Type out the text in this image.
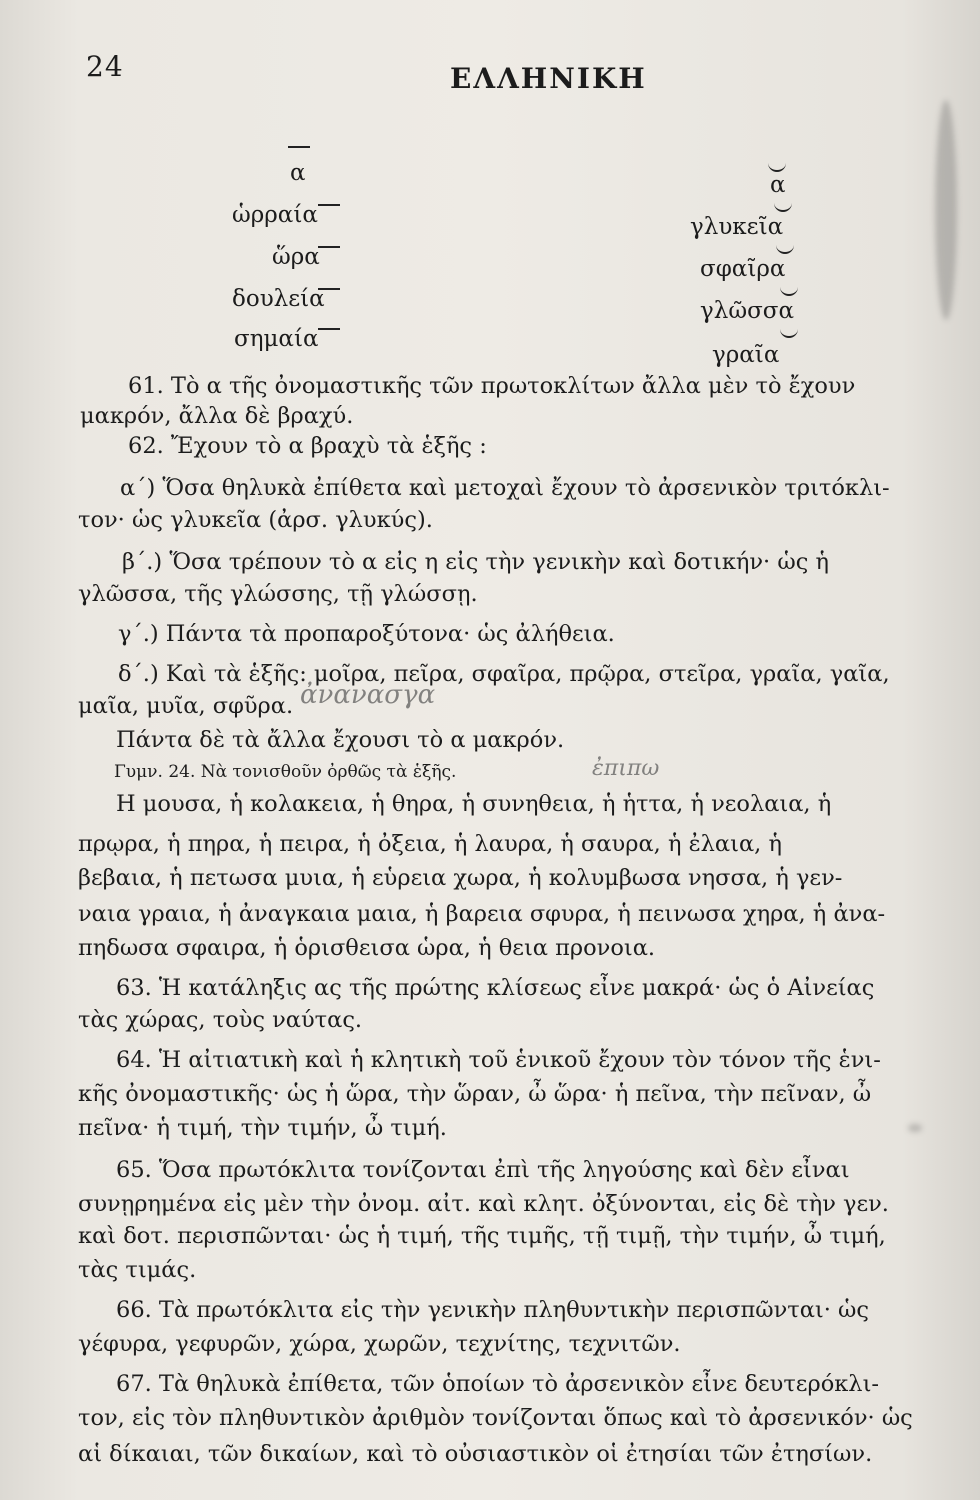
24	ΕΛΛΗΝΙΚΗ
α
ὡρραία
ὥρα
δουλεία
σημαία
α
γλυκεῖα
σφαῖρα
γλῶσσα
γραῖα
61. Τὸ α τῆς ὀνομαστικῆς τῶν πρωτοκλίτων ἄλλα μὲν τὸ ἔχουν
μακρόν, ἄλλα δὲ βραχύ.
62. Ἔχουν τὸ α βραχὺ τὰ ἑξῆς :
α΄) Ὅσα θηλυκὰ ἐπίθετα καὶ μετοχαὶ ἔχουν τὸ ἀρσενικὸν τριτόκλι-
τον· ὡς γλυκεῖα (ἀρσ. γλυκύς).
β΄.) Ὅσα τρέπουν τὸ α εἰς η εἰς τὴν γενικὴν καὶ δοτικήν· ὡς ἡ
γλῶσσα, τῆς γλώσσης, τῇ γλώσσῃ.
γ΄.) Πάντα τὰ προπαροξύτονα· ὡς ἀλήθεια.
δ΄.) Καὶ τὰ ἑξῆς: μοῖρα, πεῖρα, σφαῖρα, πρῷρα, στεῖρα, γραῖα, γαῖα,
μαῖα, μυῖα, σφῦρα.
Πάντα δὲ τὰ ἄλλα ἔχουσι τὸ α μακρόν.
Γυμν. 24. Νὰ τονισθοῦν ὀρθῶς τὰ ἑξῆς.
Η μουσα, ἡ κολακεια, ἡ θηρα, ἡ συνηθεια, ἡ ἡττα, ἡ νεολαια, ἡ
πρῳρα, ἡ πηρα, ἡ πειρα, ἡ ὀξεια, ἡ λαυρα, ἡ σαυρα, ἡ ἐλαια, ἡ
βεβαια, ἡ πετωσα μυια, ἡ εὑρεια χωρα, ἡ κολυμβωσα νησσα, ἡ γεν-
ναια γραια, ἡ ἀναγκαια μαια, ἡ βαρεια σφυρα, ἡ πεινωσα χηρα, ἡ ἀνα-
πηδωσα σφαιρα, ἡ ὁρισθεισα ὡρα, ἡ θεια προνοια.
63. Ἡ κατάληξις ας τῆς πρώτης κλίσεως εἶνε μακρά· ὡς ὁ Αἰνείας
τὰς χώρας, τοὺς ναύτας.
64. Ἡ αἰτιατικὴ καὶ ἡ κλητικὴ τοῦ ἑνικοῦ ἔχουν τὸν τόνον τῆς ἑνι-
κῆς ὀνομαστικῆς· ὡς ἡ ὥρα, τὴν ὥραν, ὦ ὥρα· ἡ πεῖνα, τὴν πεῖναν, ὦ
πεῖνα· ἡ τιμή, τὴν τιμήν, ὦ τιμή.
65. Ὅσα πρωτόκλιτα τονίζονται ἐπὶ τῆς ληγούσης καὶ δὲν εἶναι
συνῃρημένα εἰς μὲν τὴν ὀνομ. αἰτ. καὶ κλητ. ὀξύνονται, εἰς δὲ τὴν γεν.
καὶ δοτ. περισπῶνται· ὡς ἡ τιμή, τῆς τιμῆς, τῇ τιμῇ, τὴν τιμήν, ὦ τιμή,
τὰς τιμάς.
66. Τὰ πρωτόκλιτα εἰς τὴν γενικὴν πληθυντικὴν περισπῶνται· ὡς
γέφυρα, γεφυρῶν, χώρα, χωρῶν, τεχνίτης, τεχνιτῶν.
67. Τὰ θηλυκὰ ἐπίθετα, τῶν ὁποίων τὸ ἀρσενικὸν εἶνε δευτερόκλι-
τον, εἰς τὸν πληθυντικὸν ἀριθμὸν τονίζονται ὅπως καὶ τὸ ἀρσενικόν· ὡς
αἱ δίκαιαι, τῶν δικαίων, καὶ τὸ οὐσιαστικὸν οἱ ἐτησίαι τῶν ἐτησίων.
ἀνανασγα
ἐπιπω
